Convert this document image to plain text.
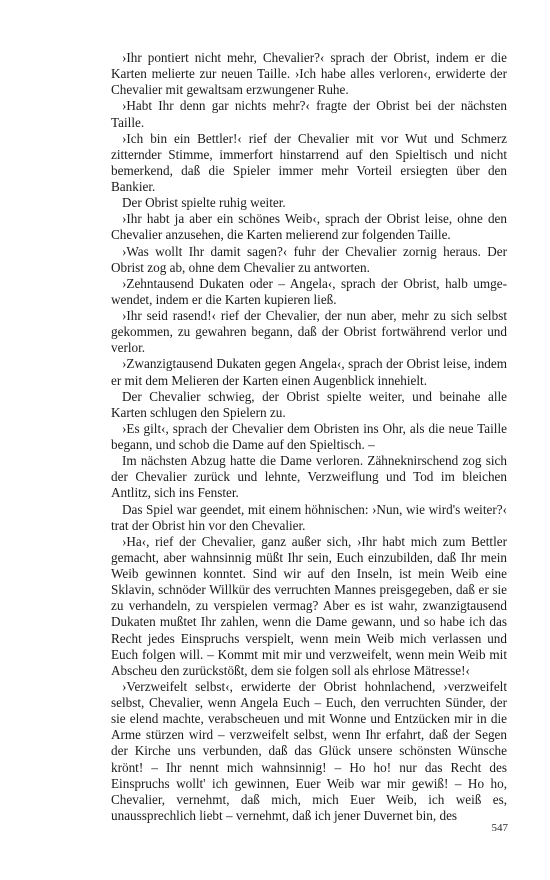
›Ihr pontiert nicht mehr, Chevalier?‹ sprach der Obrist, indem er die Karten melierte zur neuen Taille. ›Ich habe alles verloren‹, erwiderte der Chevalier mit gewaltsam erzwungener Ruhe.

›Habt Ihr denn gar nichts mehr?‹ fragte der Obrist bei der nächsten Taille.

›Ich bin ein Bettler!‹ rief der Chevalier mit vor Wut und Schmerz zitternder Stimme, immerfort hinstarrend auf den Spieltisch und nicht bemerkend, daß die Spieler immer mehr Vorteil ersiegten über den Bankier.

Der Obrist spielte ruhig weiter.

›Ihr habt ja aber ein schönes Weib‹, sprach der Obrist leise, ohne den Chevalier anzusehen, die Karten melierend zur folgenden Taille.

›Was wollt Ihr damit sagen?‹ fuhr der Chevalier zornig heraus. Der Obrist zog ab, ohne dem Chevalier zu antworten.

›Zehntausend Dukaten oder – Angela‹, sprach der Obrist, halb umgewendet, indem er die Karten kupieren ließ.

›Ihr seid rasend!‹ rief der Chevalier, der nun aber, mehr zu sich selbst gekommen, zu gewahren begann, daß der Obrist fortwährend verlor und verlor.

›Zwanzigtausend Dukaten gegen Angela‹, sprach der Obrist leise, indem er mit dem Melieren der Karten einen Augenblick innehielt.

Der Chevalier schwieg, der Obrist spielte weiter, und beinahe alle Karten schlugen den Spielern zu.

›Es gilt‹, sprach der Chevalier dem Obristen ins Ohr, als die neue Taille begann, und schob die Dame auf den Spieltisch. –

Im nächsten Abzug hatte die Dame verloren. Zähneknirschend zog sich der Chevalier zurück und lehnte, Verzweiflung und Tod im bleichen Antlitz, sich ins Fenster.

Das Spiel war geendet, mit einem höhnischen: ›Nun, wie wird's weiter?‹ trat der Obrist hin vor den Chevalier.

›Ha‹, rief der Chevalier, ganz außer sich, ›Ihr habt mich zum Bettler gemacht, aber wahnsinnig müßt Ihr sein, Euch einzubilden, daß Ihr mein Weib gewinnen konntet. Sind wir auf den Inseln, ist mein Weib eine Sklavin, schnöder Willkür des verruchten Mannes preisgegeben, daß er sie zu verhandeln, zu verspielen vermag? Aber es ist wahr, zwanzigtausend Dukaten mußtet Ihr zahlen, wenn die Dame gewann, und so habe ich das Recht jedes Einspruchs verspielt, wenn mein Weib mich verlassen und Euch folgen will. – Kommt mit mir und verzweifelt, wenn mein Weib mit Abscheu den zurückstößt, dem sie folgen soll als ehrlose Mätresse!‹

›Verzweifelt selbst‹, erwiderte der Obrist hohnlachend, ›verzweifelt selbst, Chevalier, wenn Angela Euch – Euch, den verruchten Sünder, der sie elend machte, verabscheuen und mit Wonne und Entzücken mir in die Arme stürzen wird – verzweifelt selbst, wenn Ihr erfahrt, daß der Segen der Kirche uns verbunden, daß das Glück unsere schönsten Wünsche krönt! – Ihr nennt mich wahnsinnig! – Ho ho! nur das Recht des Einspruchs wollt' ich gewinnen, Euer Weib war mir gewiß! – Ho ho, Chevalier, vernehmt, daß mich, mich Euer Weib, ich weiß es, unaussprechlich liebt – vernehmt, daß ich jener Duvernet bin, des

547
